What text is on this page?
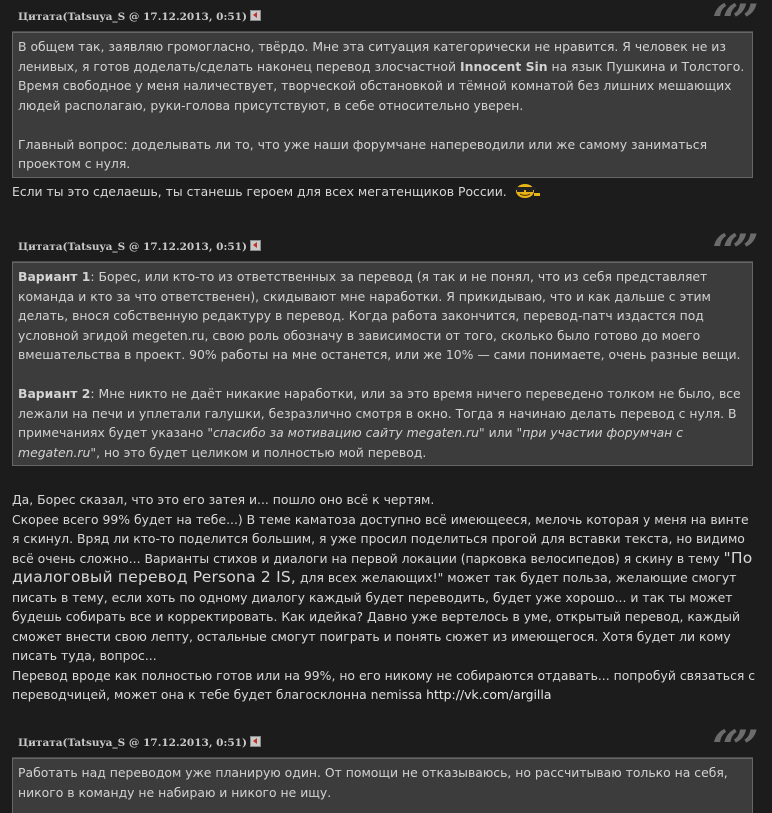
Цитата(Tatsuya_S @ 17.12.2013, 0:51)	“”

В общем так, заявляю громогласно, твёрдо. Мне эта ситуация категорически не нравится. Я человек не из ленивых, я готов доделать/сделать наконец перевод злосчастной Innocent Sin на язык Пушкина и Толстого. Время свободное у меня наличествует, творческой обстановкой и тёмной комнатой без лишних мешающих людей располагаю, руки-голова присутствуют, в себе относительно уверен.

Главный вопрос: доделывать ли то, что уже наши форумчане напереводили или же самому заниматься проектом с нуля.

Если ты это сделаешь, ты станешь героем для всех мегатенщиков России.

Цитата(Tatsuya_S @ 17.12.2013, 0:51)	“”

Вариант 1: Борес, или кто-то из ответственных за перевод (я так и не понял, что из себя представляет команда и кто за что ответственен), скидывают мне наработки. Я прикидываю, что и как дальше с этим делать, внося собственную редактуру в перевод. Когда работа закончится, перевод-патч издастся под условной эгидой megeten.ru, свою роль обозначу в зависимости от того, сколько было готово до моего вмешательства в проект. 90% работы на мне останется, или же 10% — сами понимаете, очень разные вещи.

Вариант 2: Мне никто не даёт никакие наработки, или за это время ничего переведено толком не было, все лежали на печи и уплетали галушки, безразлично смотря в окно. Тогда я начинаю делать перевод с нуля. В примечаниях будет указано "спасибо за мотивацию сайту megaten.ru" или "при участии форумчан с megaten.ru", но это будет целиком и полностью мой перевод.

Да, Борес сказал, что это его затея и... пошло оно всё к чертям.

Скорее всего 99% будет на тебе...) В теме каматоза доступно всё имеющееся, мелочь которая у меня на винте я скинул. Вряд ли кто-то поделится большим, я уже просил поделиться прогой для вставки текста, но видимо всё очень сложно... Варианты стихов и диалоги на первой локации (парковка велосипедов) я скину в тему "По диалоговый перевод Persona 2 IS, для всех желающих!" может так будет польза, желающие смогут писать в тему, если хоть по одному диалогу каждый будет переводить, будет уже хорошо... и так ты может будешь собирать все и корректировать. Как идейка? Давно уже вертелось в уме, открытый перевод, каждый сможет внести свою лепту, остальные смогут поиграть и понять сюжет из имеющегося. Хотя будет ли кому писать туда, вопрос...

Перевод вроде как полностью готов или на 99%, но его никому не собираются отдавать... попробуй связаться с переводчицей, может она к тебе будет благосклонна nemissa http://vk.com/argilla

Цитата(Tatsuya_S @ 17.12.2013, 0:51)	“”

Работать над переводом уже планирую один. От помощи не отказываюсь, но рассчитываю только на себя, никого в команду не набираю и никого не ищу.
